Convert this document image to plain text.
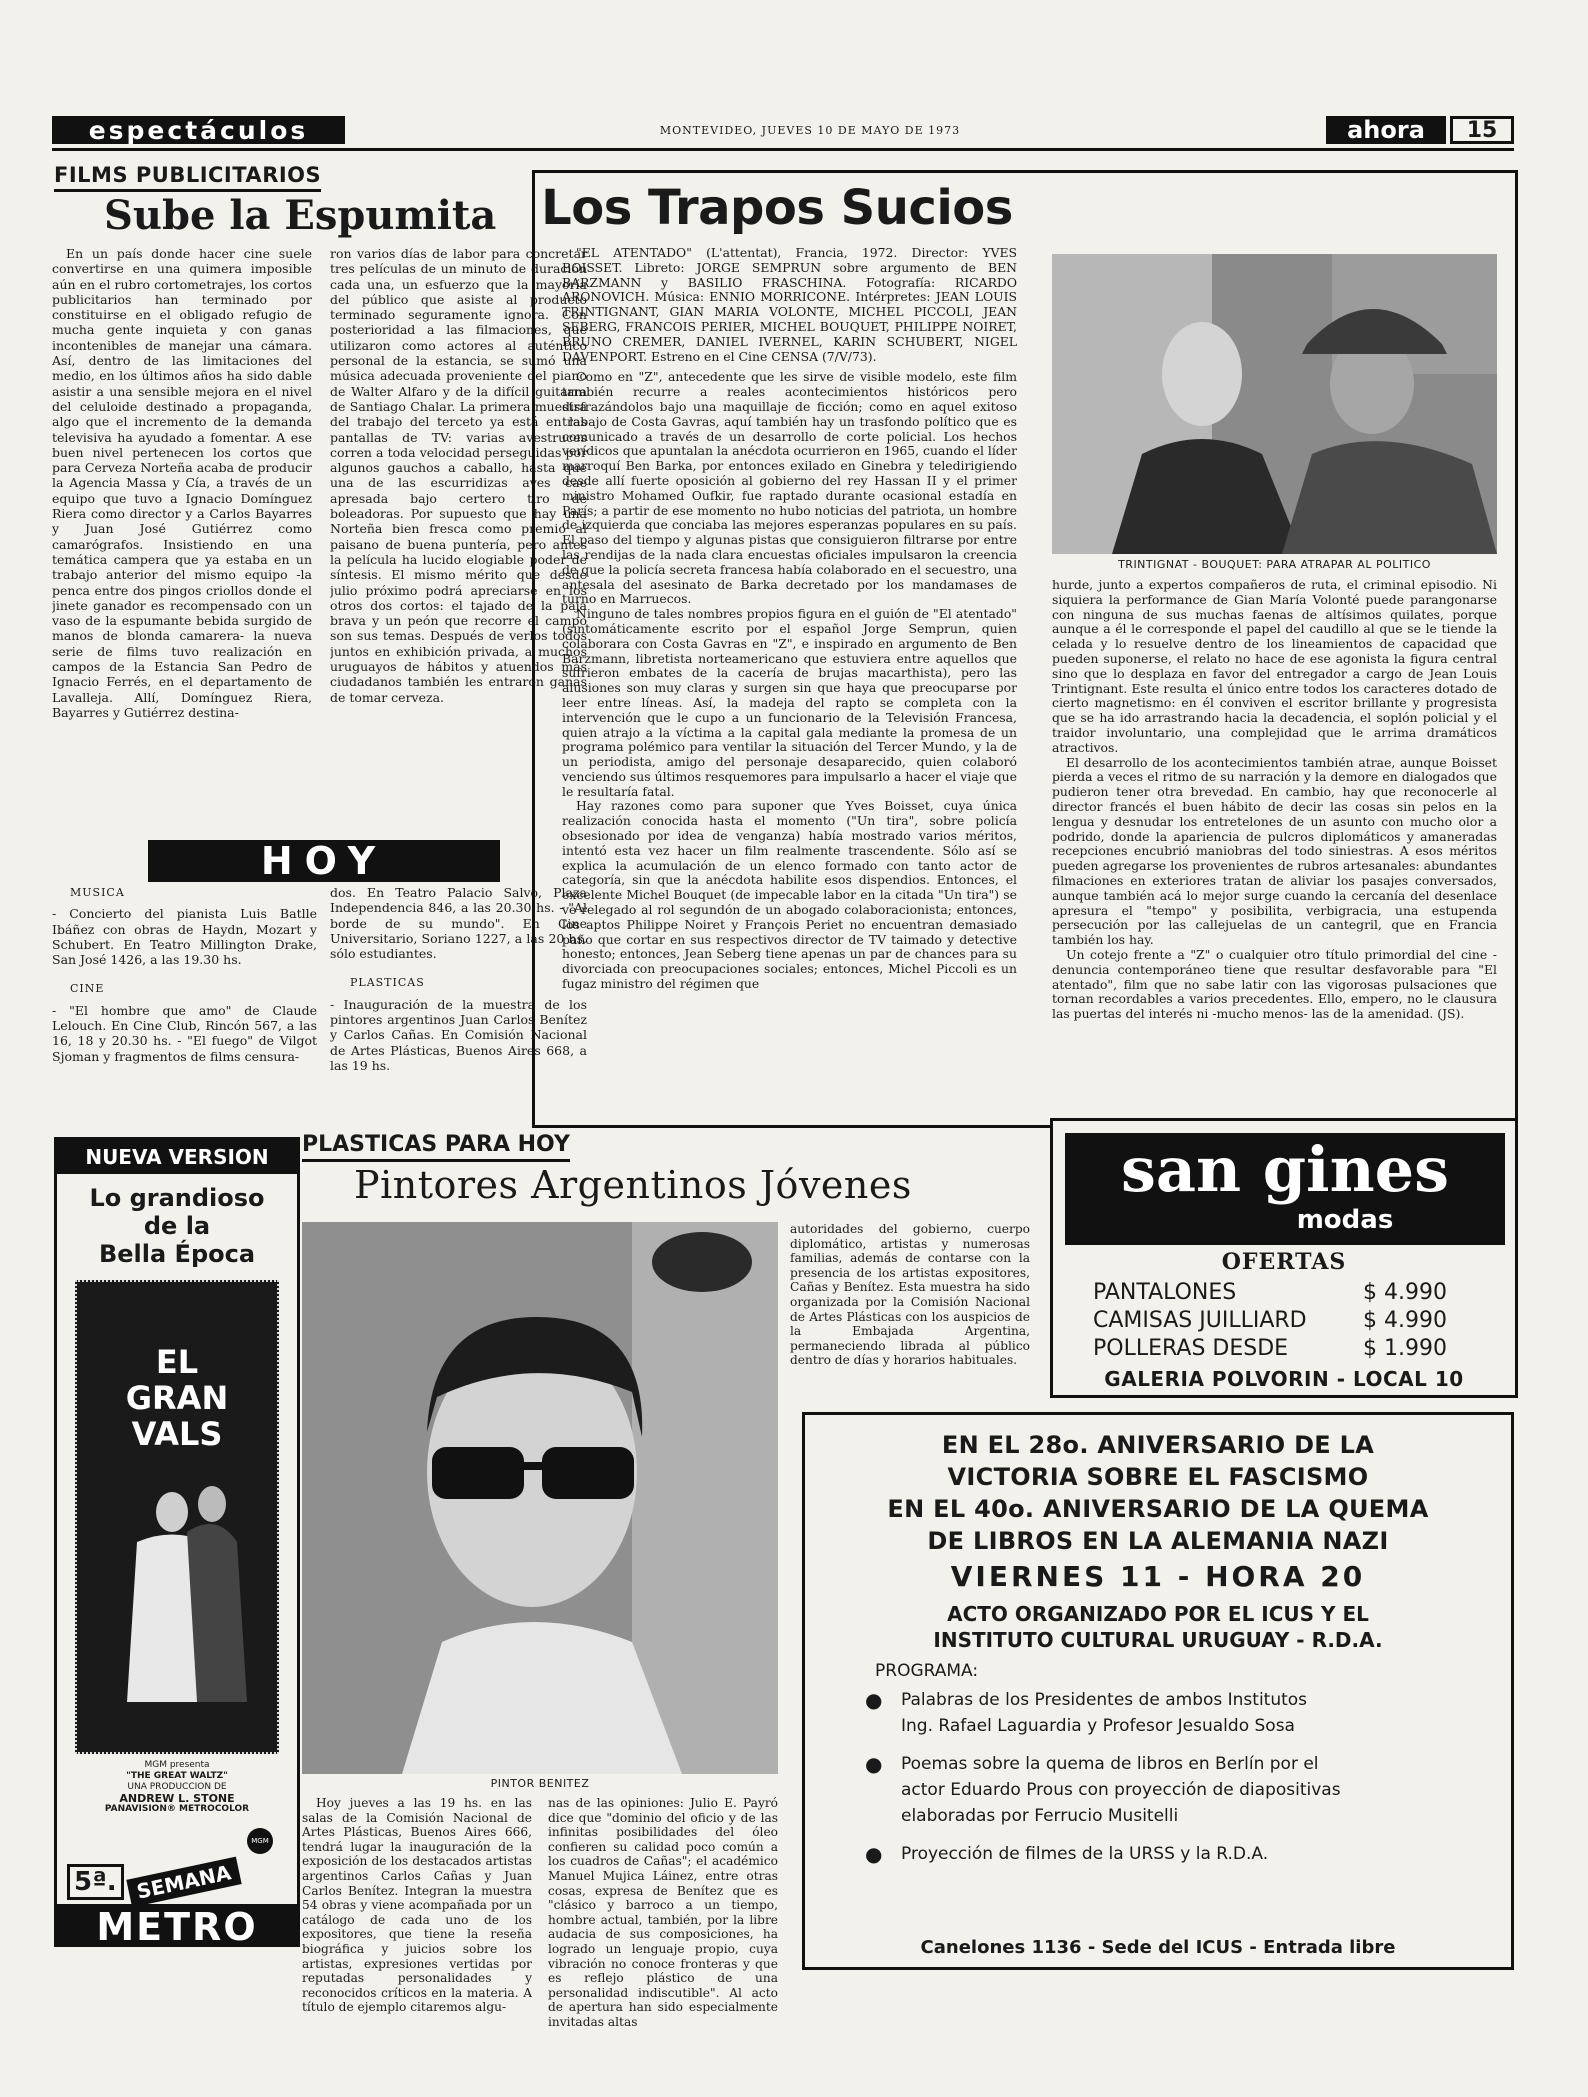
espectáculos	MONTEVIDEO, JUEVES 10 DE MAYO DE 1973	ahora 15
FILMS PUBLICITARIOS
Sube la Espumita

En un país donde hacer cine suele convertirse en una quimera imposible aún en el rubro cortometrajes, los cortos publicitarios han terminado por constituirse en el obligado refugio de mucha gente inquieta y con ganas incontenibles de manejar una cámara. Así, dentro de las limitaciones del medio, en los últimos años ha sido dable asistir a una sensible mejora en el nivel del celuloide destinado a propaganda, algo que el incremento de la demanda televisiva ha ayudado a fomentar. A ese buen nivel pertenecen los cortos que para Cerveza Norteña acaba de producir la Agencia Massa y Cía, a través de un equipo que tuvo a Ignacio Domínguez Riera como director y a Carlos Bayarres y Juan José Gutiérrez como camarógrafos. Insistiendo en una temática campera que ya estaba en un trabajo anterior del mismo equipo -la penca entre dos pingos criollos donde el jinete ganador es recompensado con un vaso de la espumante bebida surgido de manos de blonda camarera- la nueva serie de films tuvo realización en campos de la Estancia San Pedro de Ignacio Ferrés, en el departamento de Lavalleja. Allí, Domínguez Riera, Bayarres y Gutiérrez destina-

ron varios días de labor para concretar tres películas de un minuto de duración cada una, un esfuerzo que la mayoría del público que asiste al producto terminado seguramente ignora. Con posterioridad a las filmaciones, que utilizaron como actores al auténtico personal de la estancia, se sumó una música adecuada proveniente del piano de Walter Alfaro y de la difícil guitarra de Santiago Chalar. La primera muestra del trabajo del terceto ya está en las pantallas de TV: varias avestruces corren a toda velocidad perseguidas por algunos gauchos a caballo, hasta que una de las escurridizas aves cae apresada bajo certero tiro de boleadoras. Por supuesto que hay una Norteña bien fresca como premio al paisano de buena puntería, pero antes la película ha lucido elogiable poder de síntesis. El mismo mérito que desde julio próximo podrá apreciarse en los otros dos cortos: el tajado de la paja brava y un peón que recorre el campo son sus temas. Después de verlos todos juntos en exhibición privada, a muchos uruguayos de hábitos y atuendos más ciudadanos también les entraron ganas de tomar cerveza.

HOY
MUSICA

- Concierto del pianista Luis Batlle Ibáñez con obras de Haydn, Mozart y Schubert. En Teatro Millington Drake, San José 1426, a las 19.30 hs.

CINE

- "El hombre que amo" de Claude Lelouch. En Cine Club, Rincón 567, a las 16, 18 y 20.30 hs. - "El fuego" de Vilgot Sjoman y fragmentos de films censura-

dos. En Teatro Palacio Salvo, Plaza Independencia 846, a las 20.30 hs. - "Al borde de su mundo". En Cine Universitario, Soriano 1227, a las 20 hs. sólo estudiantes.

PLASTICAS

- Inauguración de la muestra de los pintores argentinos Juan Carlos Benítez y Carlos Cañas. En Comisión Nacional de Artes Plásticas, Buenos Aires 668, a las 19 hs.

Los Trapos Sucios

"EL ATENTADO" (L'attentat), Francia, 1972. Director: YVES BOISSET. Libreto: JORGE SEMPRUN sobre argumento de BEN BARZMANN y BASILIO FRASCHINA. Fotografía: RICARDO ARONOVICH. Música: ENNIO MORRICONE. Intérpretes: JEAN LOUIS TRINTIGNANT, GIAN MARIA VOLONTE, MICHEL PICCOLI, JEAN SEBERG, FRANCOIS PERIER, MICHEL BOUQUET, PHILIPPE NOIRET, BRUNO CREMER, DANIEL IVERNEL, KARIN SCHUBERT, NIGEL DAVENPORT. Estreno en el Cine CENSA (7/V/73).

Como en "Z", antecedente que les sirve de visible modelo, este film también recurre a reales acontecimientos históricos pero disfrazándolos bajo una maquillaje de ficción; como en aquel exitoso trabajo de Costa Gavras, aquí también hay un trasfondo político que es comunicado a través de un desarrollo de corte policial. Los hechos verídicos que apuntalan la anécdota ocurrieron en 1965, cuando el líder marroquí Ben Barka, por entonces exilado en Ginebra y teledirigiendo desde allí fuerte oposición al gobierno del rey Hassan II y el primer ministro Mohamed Oufkir, fue raptado durante ocasional estadía en París; a partir de ese momento no hubo noticias del patriota, un hombre de izquierda que conciaba las mejores esperanzas populares en su país. El paso del tiempo y algunas pistas que consiguieron filtrarse por entre las rendijas de la nada clara encuestas oficiales impulsaron la creencia de que la policía secreta francesa había colaborado en el secuestro, una antesala del asesinato de Barka decretado por los mandamases de turno en Marruecos.

Ninguno de tales nombres propios figura en el guión de "El atentado" (sintomáticamente escrito por el español Jorge Semprun, quien colaborara con Costa Gavras en "Z", e inspirado en argumento de Ben Barzmann, libretista norteamericano que estuviera entre aquellos que sufrieron embates de la cacería de brujas macarthista), pero las alusiones son muy claras y surgen sin que haya que preocuparse por leer entre líneas. Así, la madeja del rapto se completa con la intervención que le cupo a un funcionario de la Televisión Francesa, quien atrajo a la víctima a la capital gala mediante la promesa de un programa polémico para ventilar la situación del Tercer Mundo, y la de un periodista, amigo del personaje desaparecido, quien colaboró venciendo sus últimos resquemores para impulsarlo a hacer el viaje que le resultaría fatal.

Hay razones como para suponer que Yves Boisset, cuya única realización conocida hasta el momento ("Un tira", sobre policía obsesionado por idea de venganza) había mostrado varios méritos, intentó esta vez hacer un film realmente trascendente. Sólo así se explica la acumulación de un elenco formado con tanto actor de categoría, sin que la anécdota habilite esos dispendios. Entonces, el excelente Michel Bouquet (de impecable labor en la citada "Un tira") se ve relegado al rol segundón de un abogado colaboracionista; entonces, los aptos Philippe Noiret y François Periet no encuentran demasiado paño que cortar en sus respectivos director de TV taimado y detective honesto; entonces, Jean Seberg tiene apenas un par de chances para su divorciada con preocupaciones sociales; entonces, Michel Piccoli es un fugaz ministro del régimen que

TRINTIGNAT - BOUQUET: PARA ATRAPAR AL POLITICO

hurde, junto a expertos compañeros de ruta, el criminal episodio. Ni siquiera la performance de Gian María Volonté puede parangonarse con ninguna de sus muchas faenas de altísimos quilates, porque aunque a él le corresponde el papel del caudillo al que se le tiende la celada y lo resuelve dentro de los lineamientos de capacidad que pueden suponerse, el relato no hace de ese agonista la figura central sino que lo desplaza en favor del entregador a cargo de Jean Louis Trintignant. Este resulta el único entre todos los caracteres dotado de cierto magnetismo: en él conviven el escritor brillante y progresista que se ha ido arrastrando hacia la decadencia, el soplón policial y el traidor involuntario, una complejidad que le arrima dramáticos atractivos.

El desarrollo de los acontecimientos también atrae, aunque Boisset pierda a veces el ritmo de su narración y la demore en dialogados que pudieron tener otra brevedad. En cambio, hay que reconocerle al director francés el buen hábito de decir las cosas sin pelos en la lengua y desnudar los entretelones de un asunto con mucho olor a podrido, donde la apariencia de pulcros diplomáticos y amaneradas recepciones encubrió maniobras del todo siniestras. A esos méritos pueden agregarse los provenientes de rubros artesanales: abundantes filmaciones en exteriores tratan de aliviar los pasajes conversados, aunque también acá lo mejor surge cuando la cercanía del desenlace apresura el "tempo" y posibilita, verbigracia, una estupenda persecución por las callejuelas de un cantegril, que en Francia también los hay.

Un cotejo frente a "Z" o cualquier otro título primordial del cine -denuncia contemporáneo tiene que resultar desfavorable para "El atentado", film que no sabe latir con las vigorosas pulsaciones que tornan recordables a varios precedentes. Ello, empero, no le clausura las puertas del interés ni -mucho menos- las de la amenidad. (JS).

NUEVA VERSION
Lo grandioso
de la
Bella Época
EL
GRAN
VALS
MGM presenta
"THE GREAT WALTZ"
UNA PRODUCCION DE
ANDREW L. STONE
PANAVISION® METROCOLOR
MGM
5ª. SEMANA
METRO
PLASTICAS PARA HOY
Pintores Argentinos Jóvenes
PINTOR BENITEZ

autoridades del gobierno, cuerpo diplomático, artistas y numerosas familias, además de contarse con la presencia de los artistas expositores, Cañas y Benítez. Esta muestra ha sido organizada por la Comisión Nacional de Artes Plásticas con los auspicios de la Embajada Argentina, permaneciendo librada al público dentro de días y horarios habituales.

Hoy jueves a las 19 hs. en las salas de la Comisión Nacional de Artes Plásticas, Buenos Aires 666, tendrá lugar la inauguración de la exposición de los destacados artistas argentinos Carlos Cañas y Juan Carlos Benítez. Integran la muestra 54 obras y viene acompañada por un catálogo de cada uno de los expositores, que tiene la reseña biográfica y juicios sobre los artistas, expresiones vertidas por reputadas personalidades y reconocidos críticos en la materia. A título de ejemplo citaremos algu-

nas de las opiniones: Julio E. Payró dice que "dominio del oficio y de las infinitas posibilidades del óleo confieren su calidad poco común a los cuadros de Cañas"; el académico Manuel Mujica Láinez, entre otras cosas, expresa de Benítez que es "clásico y barroco a un tiempo, hombre actual, también, por la libre audacia de sus composiciones, ha logrado un lenguaje propio, cuya vibración no conoce fronteras y que es reflejo plástico de una personalidad indiscutible". Al acto de apertura han sido especialmente invitadas altas

san gines
modas
OFERTAS
PANTALONES	$ 4.990
CAMISAS JUILLIARD	$ 4.990
POLLERAS DESDE	$ 1.990
GALERIA POLVORIN - LOCAL 10
EN EL 28o. ANIVERSARIO DE LA
VICTORIA SOBRE EL FASCISMO
EN EL 40o. ANIVERSARIO DE LA QUEMA
DE LIBROS EN LA ALEMANIA NAZI
VIERNES 11 - HORA 20
ACTO ORGANIZADO POR EL ICUS Y EL
INSTITUTO CULTURAL URUGUAY - R.D.A.
PROGRAMA:
●	Palabras de los Presidentes de ambos Institutos
Ing. Rafael Laguardia y Profesor Jesualdo Sosa
●	Poemas sobre la quema de libros en Berlín por el
actor Eduardo Prous con proyección de diapositivas
elaboradas por Ferrucio Musitelli
●	Proyección de filmes de la URSS y la R.D.A.
Canelones 1136 - Sede del ICUS - Entrada libre
